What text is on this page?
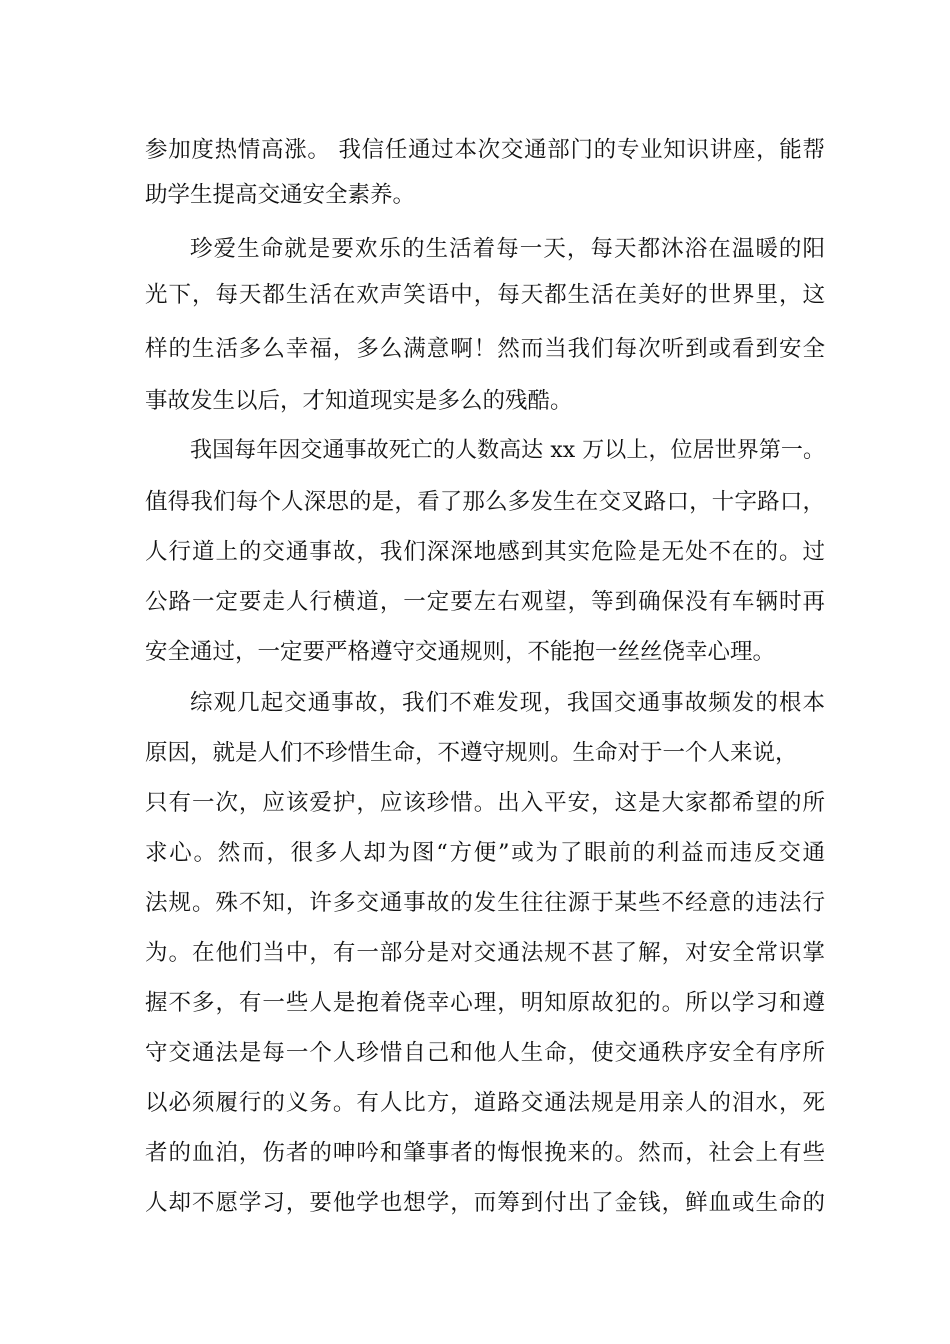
参加度热情高涨。 我信任通过本次交通部门的专业知识讲座，能帮

助学生提高交通安全素养。

珍爱生命就是要欢乐的生活着每一天，每天都沐浴在温暖的阳

光下，每天都生活在欢声笑语中，每天都生活在美好的世界里，这

样的生活多么幸福，多么满意啊！然而当我们每次听到或看到安全

事故发生以后，才知道现实是多么的残酷。

我国每年因交通事故死亡的人数高达 xx 万以上，位居世界第一。

值得我们每个人深思的是，看了那么多发生在交叉路口，十字路口，

人行道上的交通事故，我们深深地感到其实危险是无处不在的。过

公路一定要走人行横道，一定要左右观望，等到确保没有车辆时再

安全通过，一定要严格遵守交通规则，不能抱一丝丝侥幸心理。

综观几起交通事故，我们不难发现，我国交通事故频发的根本

原因，就是人们不珍惜生命，不遵守规则。生命对于一个人来说，

只有一次，应该爱护，应该珍惜。出入平安，这是大家都希望的所

求心。然而，很多人却为图“方便”或为了眼前的利益而违反交通

法规。殊不知，许多交通事故的发生往往源于某些不经意的违法行

为。在他们当中，有一部分是对交通法规不甚了解，对安全常识掌

握不多，有一些人是抱着侥幸心理，明知原故犯的。所以学习和遵

守交通法是每一个人珍惜自己和他人生命，使交通秩序安全有序所

以必须履行的义务。有人比方，道路交通法规是用亲人的泪水，死

者的血泊，伤者的呻吟和肇事者的悔恨挽来的。然而，社会上有些

人却不愿学习，要他学也想学，而筹到付出了金钱，鲜血或生命的
